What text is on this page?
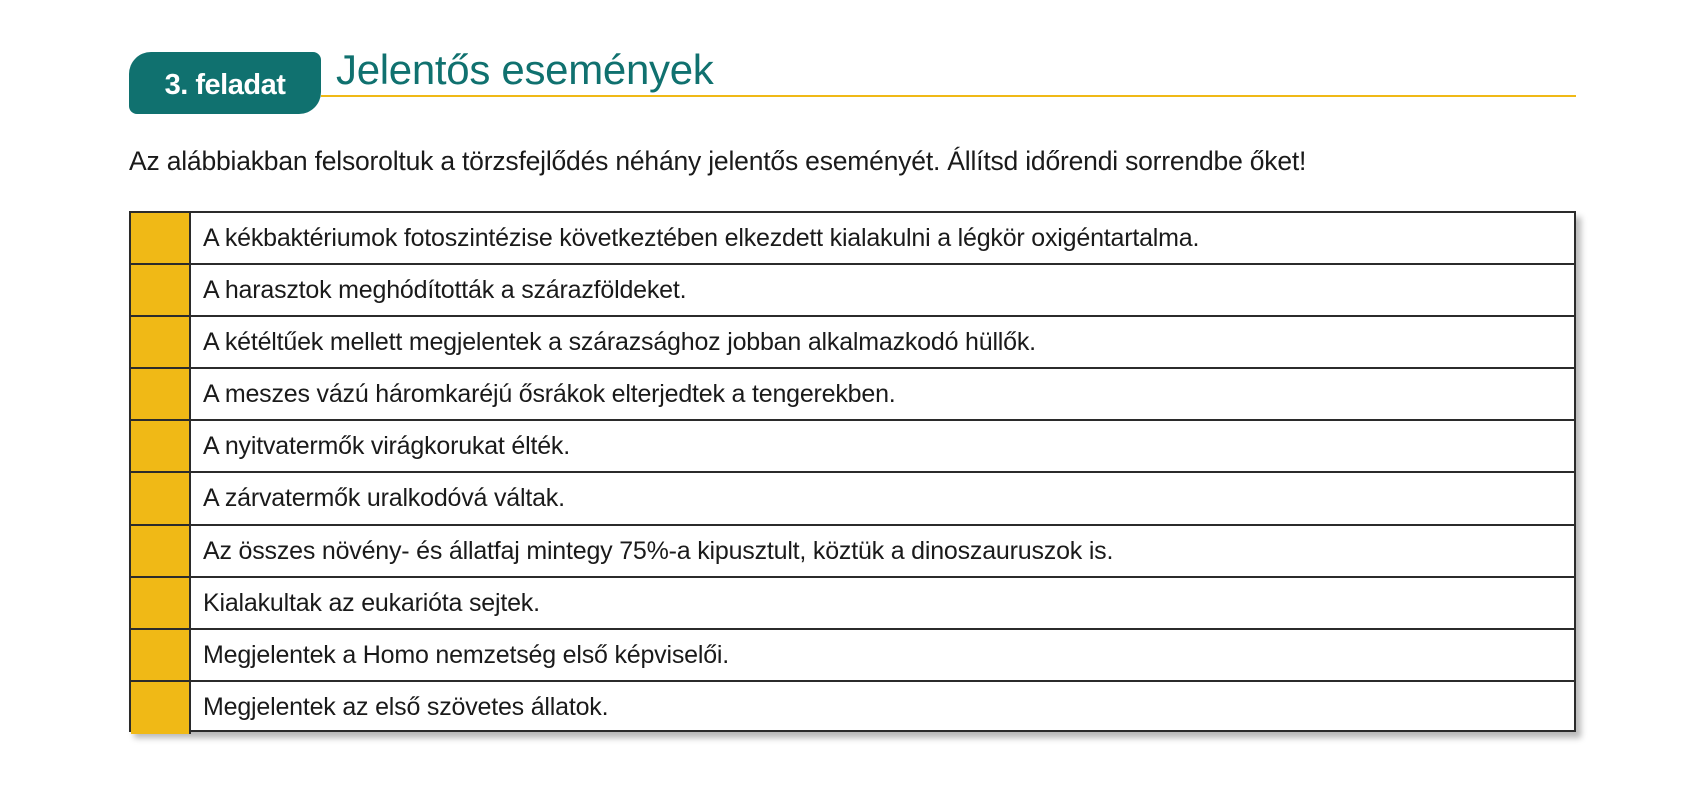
3. feladat	Jelentős események
Az alábbiakban felsoroltuk a törzsfejlődés néhány jelentős eseményét. Állítsd időrendi sorrendbe őket!
A kékbaktériumok fotoszintézise következtében elkezdett kialakulni a légkör oxigéntartalma.
A harasztok meghódították a szárazföldeket.
A kétéltűek mellett megjelentek a szárazsághoz jobban alkalmazkodó hüllők.
A meszes vázú háromkaréjú ősrákok elterjedtek a tengerekben.
A nyitvatermők virágkorukat élték.
A zárvatermők uralkodóvá váltak.
Az összes növény- és állatfaj mintegy 75%-a kipusztult, köztük a dinoszauruszok is.
Kialakultak az eukarióta sejtek.
Megjelentek a Homo nemzetség első képviselői.
Megjelentek az első szövetes állatok.
